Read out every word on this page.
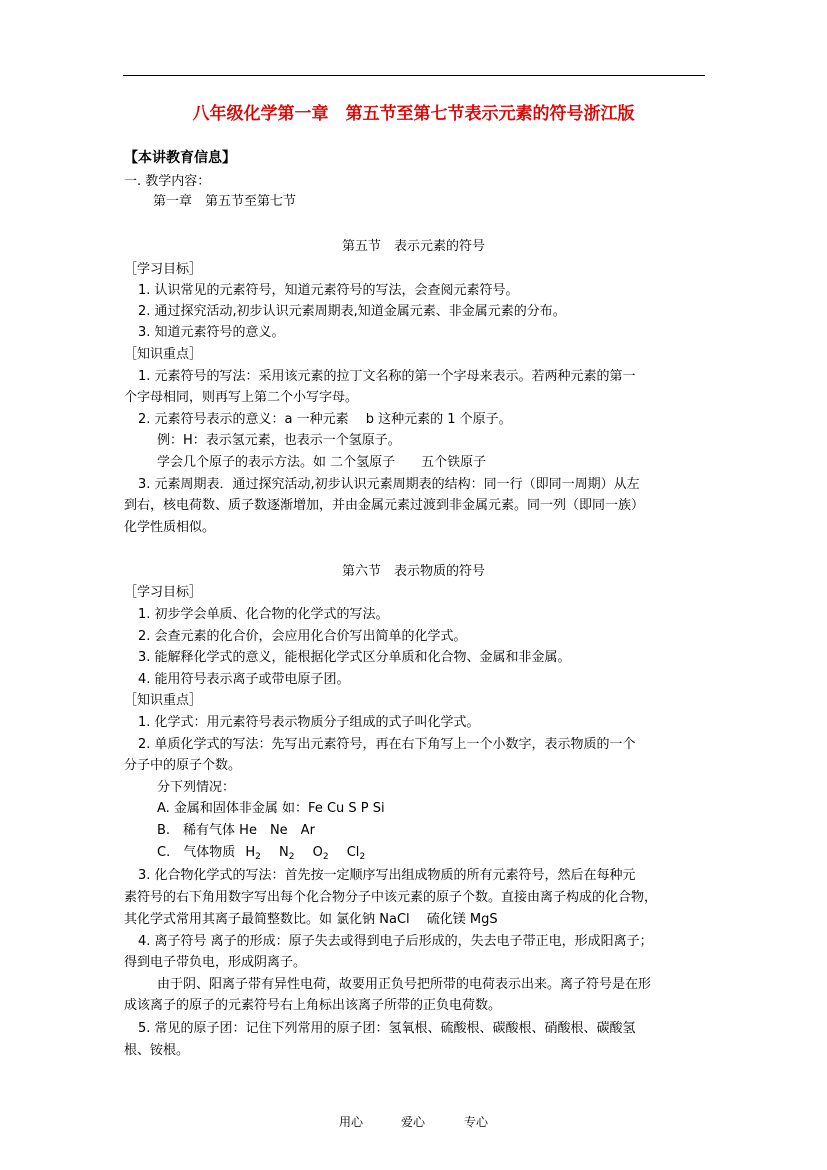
八年级化学第一章　第五节至第七节表示元素的符号浙江版
【本讲教育信息】
一. 教学内容：
第一章　第五节至第七节
第五节　表示元素的符号
［学习目标］
1. 认识常见的元素符号，知道元素符号的写法，会查阅元素符号。
2. 通过探究活动,初步认识元素周期表,知道金属元素、非金属元素的分布。
3. 知道元素符号的意义。
［知识重点］
1. 元素符号的写法：采用该元素的拉丁文名称的第一个字母来表示。若两种元素的第一
个字母相同，则再写上第二个小写字母。
2. 元素符号表示的意义：a 一种元素　 b 这种元素的 1 个原子。
例：H：表示氢元素，也表示一个氢原子。
学会几个原子的表示方法。如 二个氢原子　　五个铁原子
3. 元素周期表．通过探究活动,初步认识元素周期表的结构：同一行（即同一周期）从左
到右，核电荷数、质子数逐渐增加，并由金属元素过渡到非金属元素。同一列（即同一族）
化学性质相似。
第六节　表示物质的符号
［学习目标］
1. 初步学会单质、化合物的化学式的写法。
2. 会查元素的化合价，会应用化合价写出简单的化学式。
3. 能解释化学式的意义，能根据化学式区分单质和化合物、金属和非金属。
4. 能用符号表示离子或带电原子团。
［知识重点］
1. 化学式：用元素符号表示物质分子组成的式子叫化学式。
2. 单质化学式的写法：先写出元素符号，再在右下角写上一个小数字，表示物质的一个
分子中的原子个数。
分下列情况：
A. 金属和固体非金属 如：Fe Cu S P Si
B.　稀有气体 He　Ne　Ar
C.　气体物质 $H_2$ $N_2$ $O_2$ $Cl_2$
3. 化合物化学式的写法：首先按一定顺序写出组成物质的所有元素符号，然后在每种元
素符号的右下角用数字写出每个化合物分子中该元素的原子个数。直接由离子构成的化合物，
其化学式常用其离子最简整数比。如 氯化钠 NaCl　 硫化镁 MgS
4. 离子符号 离子的形成：原子失去或得到电子后形成的，失去电子带正电，形成阳离子；
得到电子带负电，形成阴离子。
由于阴、阳离子带有异性电荷，故要用正负号把所带的电荷表示出来。离子符号是在形
成该离子的原子的元素符号右上角标出该离子所带的正负电荷数。
5. 常见的原子团：记住下列常用的原子团：氢氧根、硫酸根、碳酸根、硝酸根、碳酸氢
根、铵根。
用心	爱心	专心
